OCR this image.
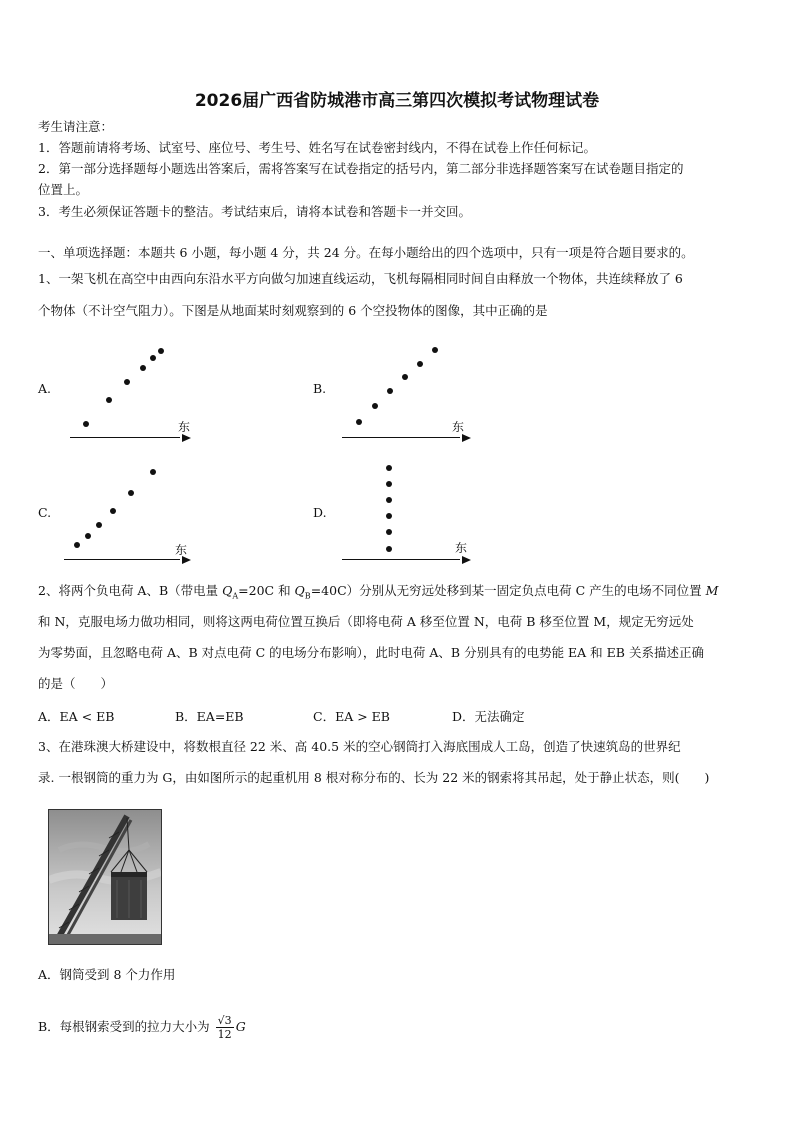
2026届广西省防城港市高三第四次模拟考试物理试卷
考生请注意：
1．答题前请将考场、试室号、座位号、考生号、姓名写在试卷密封线内，不得在试卷上作任何标记。
2．第一部分选择题每小题选出答案后，需将答案写在试卷指定的括号内，第二部分非选择题答案写在试卷题目指定的
位置上。
3．考生必须保证答题卡的整洁。考试结束后，请将本试卷和答题卡一并交回。
一、单项选择题：本题共 6 小题，每小题 4 分，共 24 分。在每小题给出的四个选项中，只有一项是符合题目要求的。
1、一架飞机在高空中由西向东沿水平方向做匀加速直线运动，飞机每隔相同时间自由释放一个物体，共连续释放了 6
个物体（不计空气阻力）。下图是从地面某时刻观察到的 6 个空投物体的图像，其中正确的是
A.
东
B.
东
C.
东
D.
东
2、将两个负电荷 A、B（带电量 $Q_A=20C$ 和 $Q_B=40C$）分别从无穷远处移到某一固定负点电荷 C 产生的电场不同位置 M
和 N，克服电场力做功相同，则将这两电荷位置互换后（即将电荷 A 移至位置 N，电荷 B 移至位置 M，规定无穷远处
为零势面，且忽略电荷 A、B 对点电荷 C 的电场分布影响），此时电荷 A、B 分别具有的电势能 EA 和 EB 关系描述正确
的是（　　）
A．EA < EB	B．EA=EB	C．EA > EB	D．无法确定
3、在港珠澳大桥建设中，将数根直径 22 米、高 40.5 米的空心钢筒打入海底围成人工岛，创造了快速筑岛的世界纪
录. 一根钢筒的重力为 G，由如图所示的起重机用 8 根对称分布的、长为 22 米的钢索将其吊起，处于静止状态，则(　　)
A．钢筒受到 8 个力作用
B．每根钢索受到的拉力大小为 $\frac{√3}{12}$ G
